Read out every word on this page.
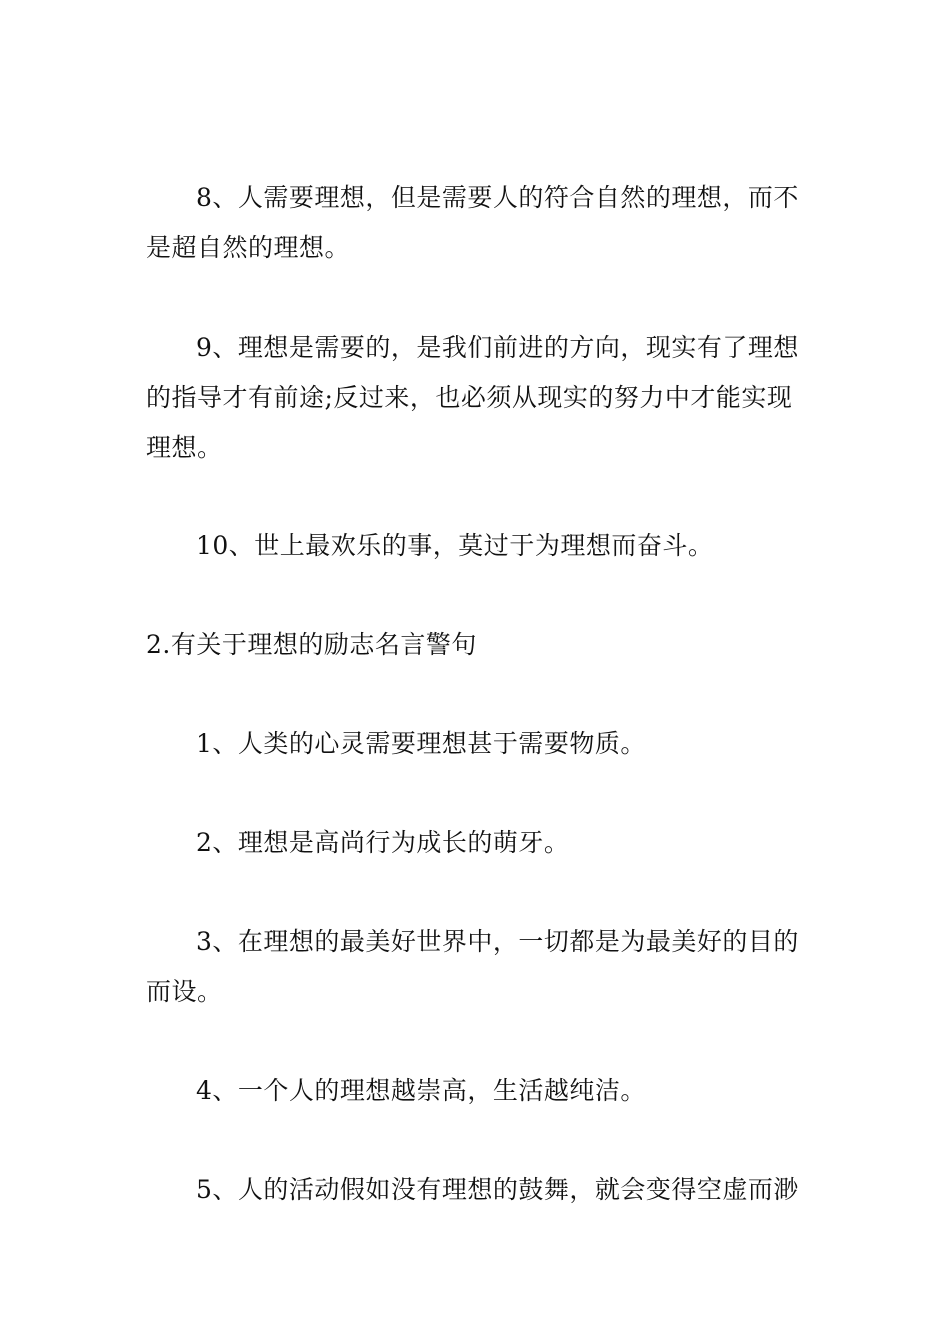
8、人需要理想，但是需要人的符合自然的理想，而不是超自然的理想。

9、理想是需要的，是我们前进的方向，现实有了理想的指导才有前途;反过来，也必须从现实的努力中才能实现理想。

10、世上最欢乐的事，莫过于为理想而奋斗。

2.有关于理想的励志名言警句

1、人类的心灵需要理想甚于需要物质。

2、理想是高尚行为成长的萌牙。

3、在理想的最美好世界中，一切都是为最美好的目的而设。

4、一个人的理想越崇高，生活越纯洁。

5、人的活动假如没有理想的鼓舞，就会变得空虚而渺
